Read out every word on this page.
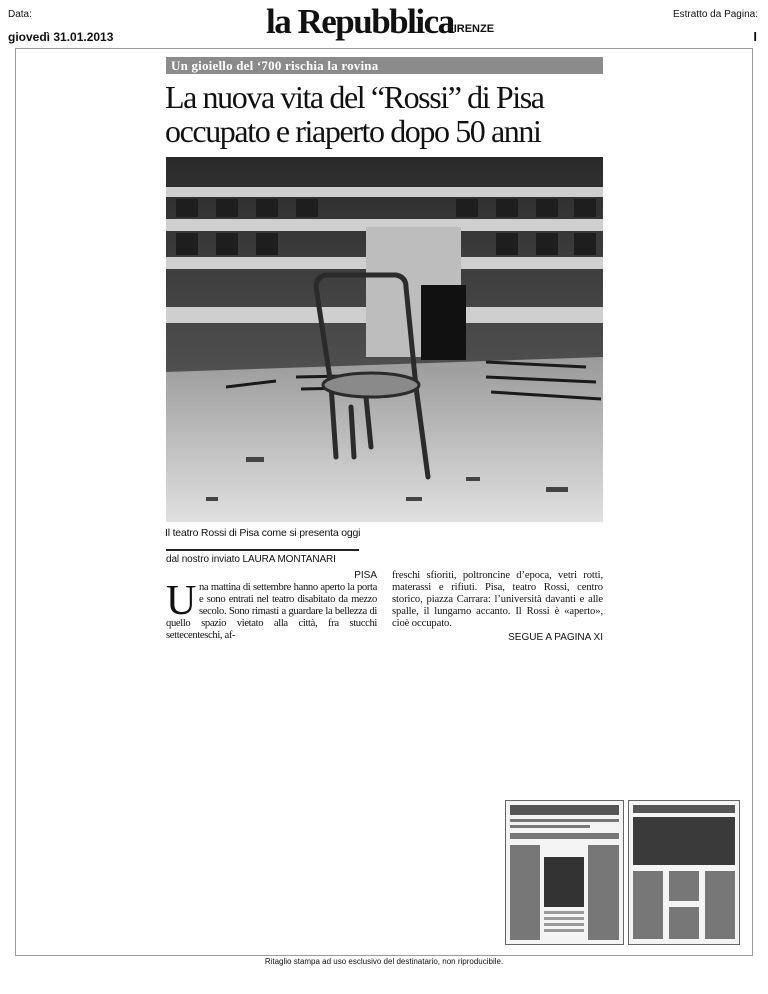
Data:
giovedì 31.01.2013	la Repubblica
FIRENZE
Estratto da Pagina:
I
Un gioiello del ‘700 rischia la rovina
La nuova vita del “Rossi” di Pisa
occupato e riaperto dopo 50 anni
Il teatro Rossi di Pisa come si presenta oggi
dal nostro inviato LAURA MONTANARI
PISA
U na mattina di settembre hanno aperto la porta e sono entrati nel teatro disabitato da mezzo secolo. Sono rimasti a guardare la bellezza di quello spazio vietato alla città, fra stucchi settecenteschi, af-
freschi sfioriti, poltroncine d’epoca, vetri rotti, materassi e rifiuti. Pisa, teatro Rossi, centro storico, piazza Carrara: l’università davanti e alle spalle, il lungarno accanto. Il Rossi è «aperto», cioè occupato.
SEGUE A PAGINA XI
Ritaglio stampa ad uso esclusivo del destinatario, non riproducibile.
